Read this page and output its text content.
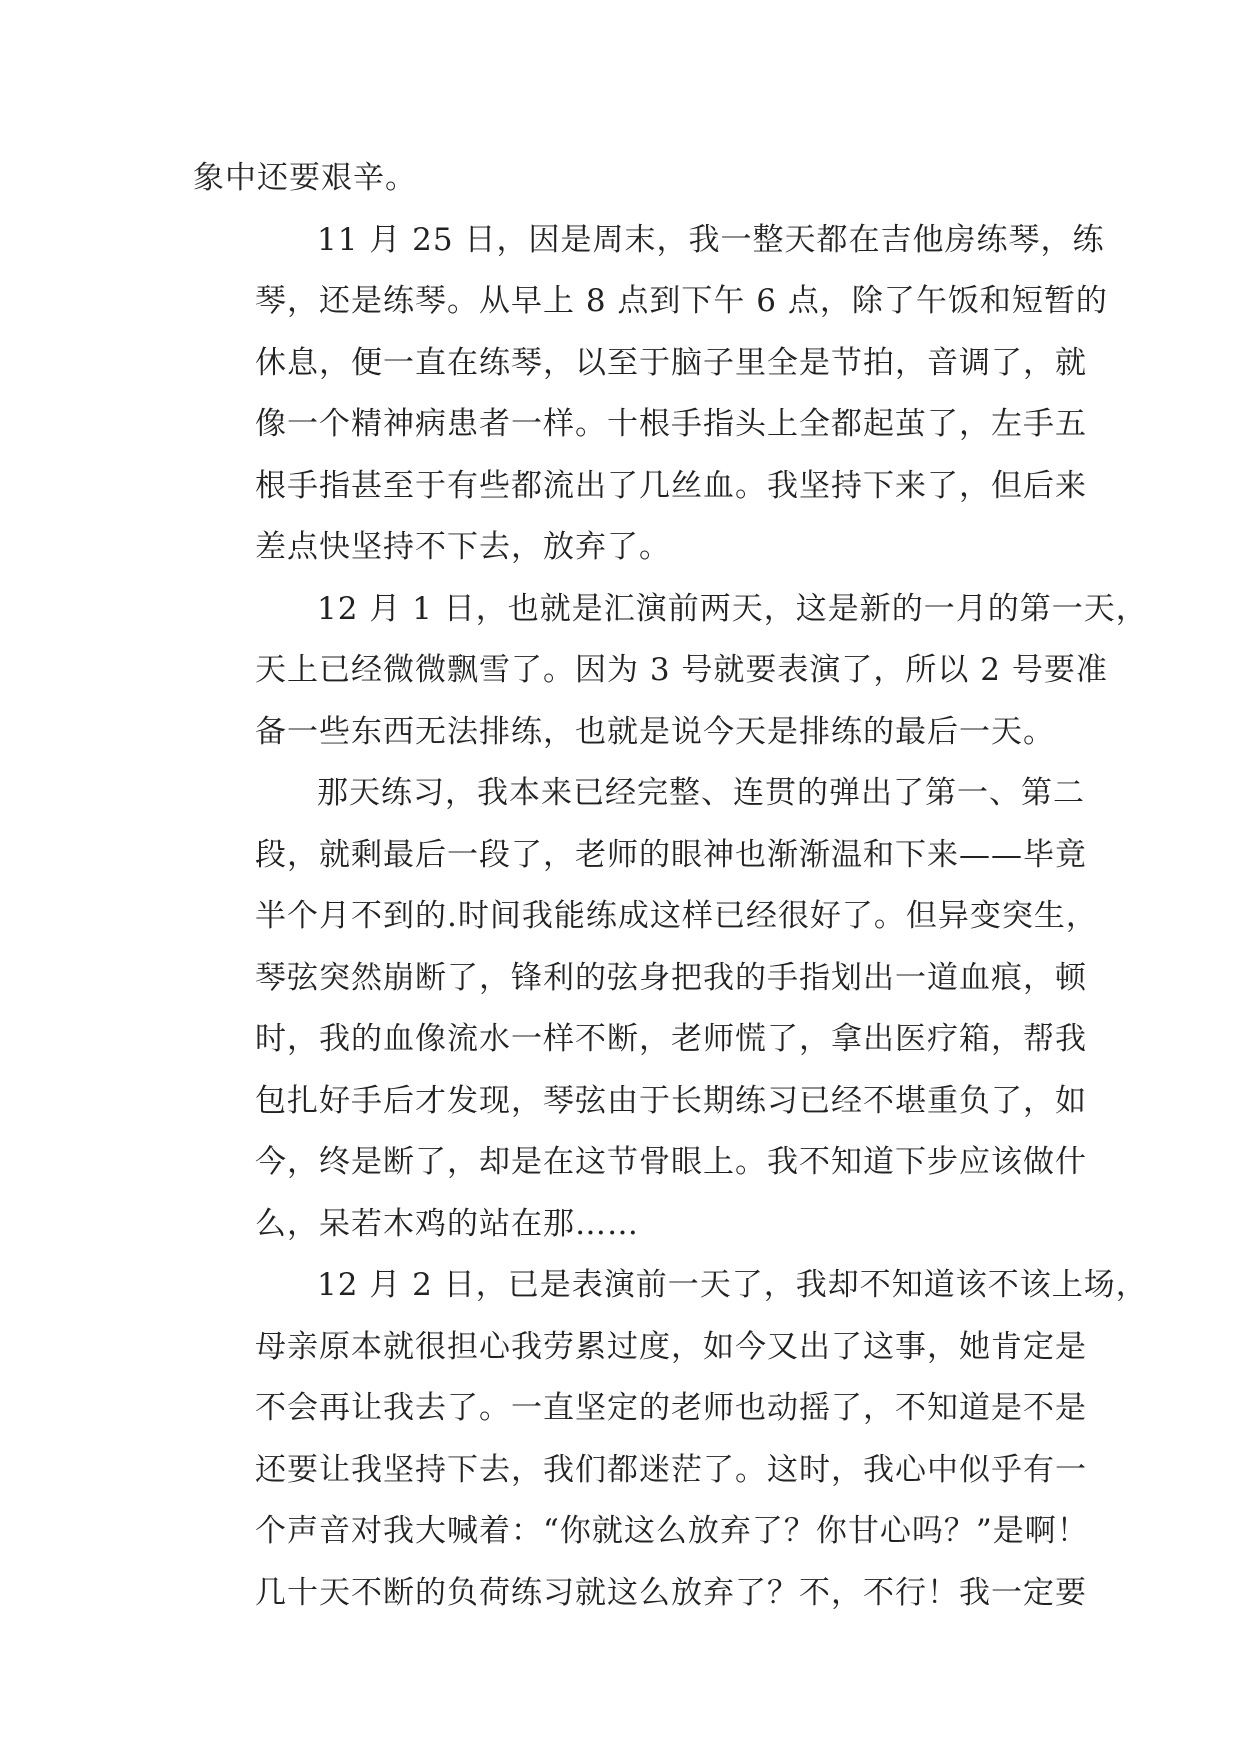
象中还要艰辛。

11 月 25 日，因是周末，我一整天都在吉他房练琴，练
琴，还是练琴。从早上 8 点到下午 6 点，除了午饭和短暂的
休息，便一直在练琴，以至于脑子里全是节拍，音调了，就
像一个精神病患者一样。十根手指头上全都起茧了，左手五
根手指甚至于有些都流出了几丝血。我坚持下来了，但后来
差点快坚持不下去，放弃了。

12 月 1 日，也就是汇演前两天，这是新的一月的第一天，
天上已经微微飘雪了。因为 3 号就要表演了，所以 2 号要准
备一些东西无法排练，也就是说今天是排练的最后一天。

那天练习，我本来已经完整、连贯的弹出了第一、第二
段，就剩最后一段了，老师的眼神也渐渐温和下来——毕竟
半个月不到的.时间我能练成这样已经很好了。但异变突生，
琴弦突然崩断了，锋利的弦身把我的手指划出一道血痕，顿
时，我的血像流水一样不断，老师慌了，拿出医疗箱，帮我
包扎好手后才发现，琴弦由于长期练习已经不堪重负了，如
今，终是断了，却是在这节骨眼上。我不知道下步应该做什
么，呆若木鸡的站在那……

12 月 2 日，已是表演前一天了，我却不知道该不该上场，
母亲原本就很担心我劳累过度，如今又出了这事，她肯定是
不会再让我去了。一直坚定的老师也动摇了，不知道是不是
还要让我坚持下去，我们都迷茫了。这时，我心中似乎有一
个声音对我大喊着：“你就这么放弃了？你甘心吗？”是啊！
几十天不断的负荷练习就这么放弃了？不，不行！我一定要
